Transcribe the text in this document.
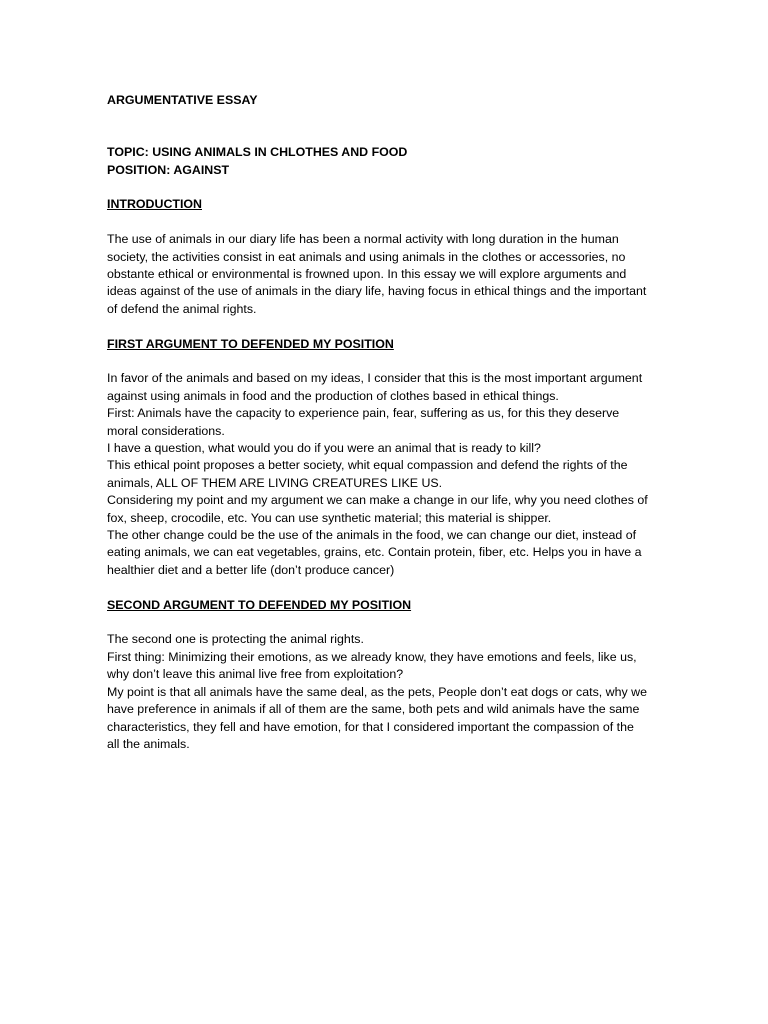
ARGUMENTATIVE ESSAY
TOPIC: USING ANIMALS IN CHLOTHES AND FOOD
POSITION: AGAINST
INTRODUCTION
The use of animals in our diary life has been a normal activity with long duration in the human
society, the activities consist in eat animals and using animals in the clothes or accessories, no
obstante ethical or environmental is frowned upon. In this essay we will explore arguments and
ideas against of the use of animals in the diary life, having focus in ethical things and the important
of defend the animal rights.
FIRST ARGUMENT TO DEFENDED MY POSITION
In favor of the animals and based on my ideas, I consider that this is the most important argument
against using animals in food and the production of clothes based in ethical things.
First: Animals have the capacity to experience pain, fear, suffering as us, for this they deserve
moral considerations.
I have a question, what would you do if you were an animal that is ready to kill?
This ethical point proposes a better society, whit equal compassion and defend the rights of the
animals, ALL OF THEM ARE LIVING CREATURES LIKE US.
Considering my point and my argument we can make a change in our life, why you need clothes of
fox, sheep, crocodile, etc. You can use synthetic material; this material is shipper.
The other change could be the use of the animals in the food, we can change our diet, instead of
eating animals, we can eat vegetables, grains, etc. Contain protein, fiber, etc. Helps you in have a
healthier diet and a better life (don’t produce cancer)
SECOND ARGUMENT TO DEFENDED MY POSITION
The second one is protecting the animal rights.
First thing: Minimizing their emotions, as we already know, they have emotions and feels, like us,
why don’t leave this animal live free from exploitation?
My point is that all animals have the same deal, as the pets, People don’t eat dogs or cats, why we
have preference in animals if all of them are the same, both pets and wild animals have the same
characteristics, they fell and have emotion, for that I considered important the compassion of the
all the animals.
